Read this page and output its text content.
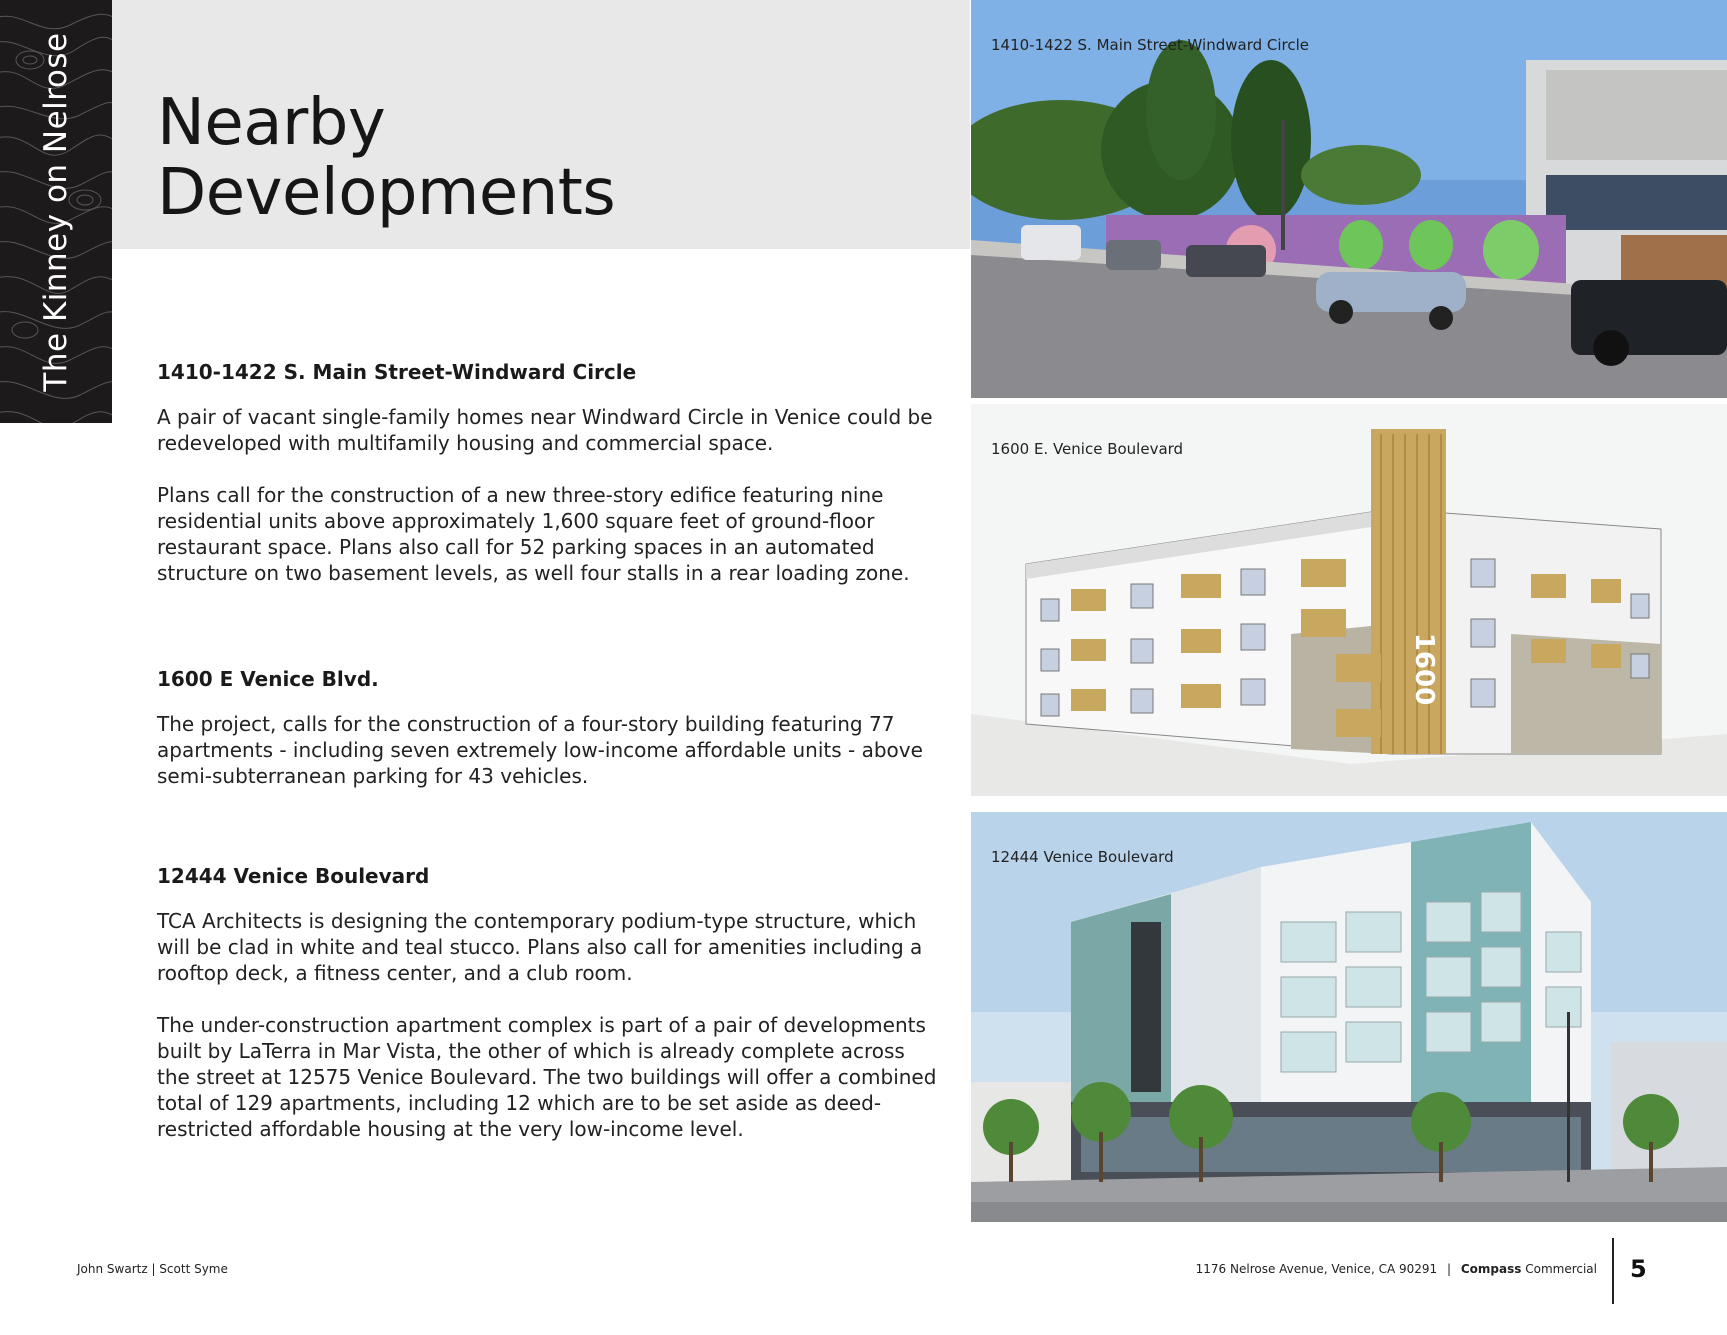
The Kinney on Nelrose Nearby
Developments
1410-1422 S. Main Street-Windward Circle

A pair of vacant single-family homes near Windward Circle in Venice could be redeveloped with multifamily housing and commercial space.

Plans call for the construction of a new three-story edifice featuring nine residential units above approximately 1,600 square feet of ground-floor restaurant space. Plans also call for 52 parking spaces in an automated structure on two basement levels, as well four stalls in a rear loading zone.

1600 E Venice Blvd.

The project, calls for the construction of a four-story building featuring 77 apartments - including seven extremely low-income affordable units - above semi-subterranean parking for 43 vehicles.

12444 Venice Boulevard

TCA Architects is designing the contemporary podium-type structure, which will be clad in white and teal stucco. Plans also call for amenities including a rooftop deck, a fitness center, and a club room.

The under-construction apartment complex is part of a pair of developments built by LaTerra in Mar Vista, the other of which is already complete across the street at 12575 Venice Boulevard. The two buildings will offer a combined total of 129 apartments, including 12 which are to be set aside as deed-restricted affordable housing at the very low-income level.

1410-1422 S. Main Street-Windward Circle
1600
1600 E. Venice Boulevard
12444 Venice Boulevard
John Swartz | Scott Syme	1176 Nelrose Avenue, Venice, CA 90291 | Compass Commercial 5
